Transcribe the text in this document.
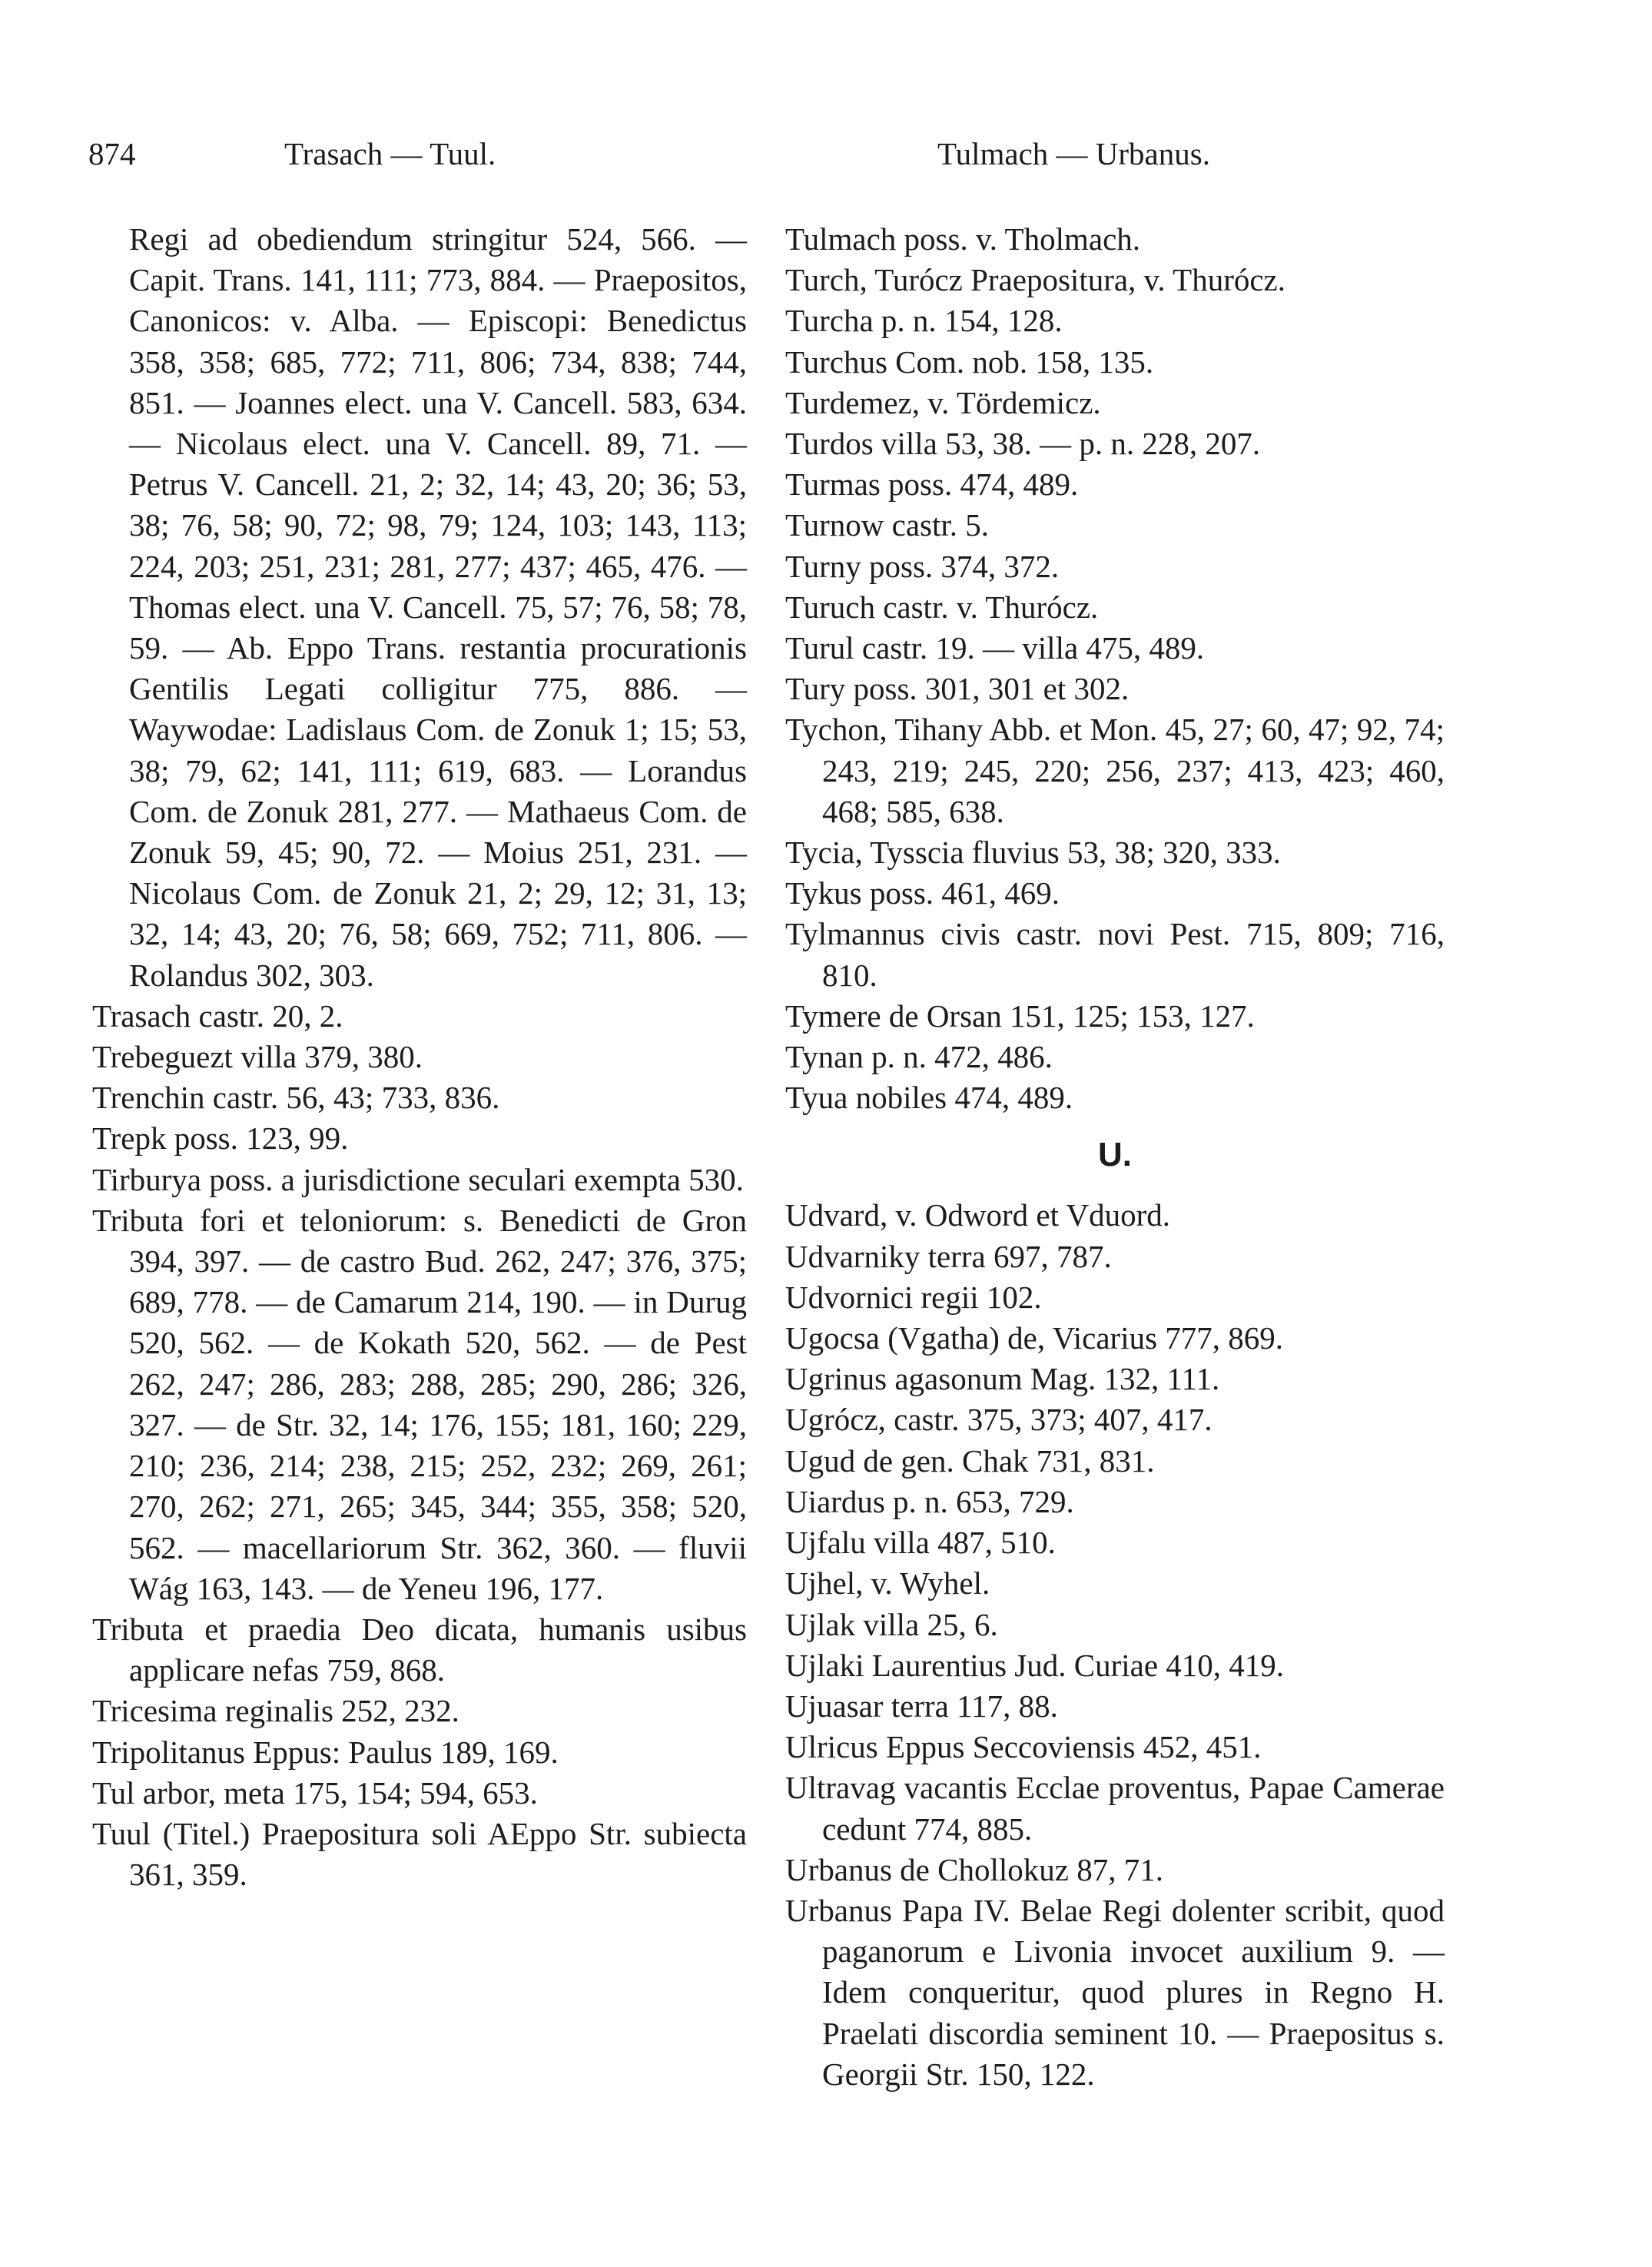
874	Trasach — Tuul.	Tulmach — Urbanus.
Regi ad obediendum stringitur 524, 566. — Capit. Trans. 141, 111; 773, 884. — Praepositos, Canonicos: v. Alba. — Episcopi: Benedictus 358, 358; 685, 772; 711, 806; 734, 838; 744, 851. — Joannes elect. una V. Cancell. 583, 634. — Nicolaus elect. una V. Cancell. 89, 71. — Petrus V. Cancell. 21, 2; 32, 14; 43, 20; 36; 53, 38; 76, 58; 90, 72; 98, 79; 124, 103; 143, 113; 224, 203; 251, 231; 281, 277; 437; 465, 476. — Thomas elect. una V. Cancell. 75, 57; 76, 58; 78, 59. — Ab. Eppo Trans. restantia procurationis Gentilis Legati colligitur 775, 886. — Waywodae: Ladislaus Com. de Zonuk 1; 15; 53, 38; 79, 62; 141, 111; 619, 683. — Lorandus Com. de Zonuk 281, 277. — Mathaeus Com. de Zonuk 59, 45; 90, 72. — Moius 251, 231. — Nicolaus Com. de Zonuk 21, 2; 29, 12; 31, 13; 32, 14; 43, 20; 76, 58; 669, 752; 711, 806. — Rolandus 302, 303.
Trasach castr. 20, 2.
Trebeguezt villa 379, 380.
Trenchin castr. 56, 43; 733, 836.
Trepk poss. 123, 99.
Tirburya poss. a jurisdictione seculari exempta 530.
Tributa fori et teloniorum: s. Benedicti de Gron 394, 397. — de castro Bud. 262, 247; 376, 375; 689, 778. — de Camarum 214, 190. — in Durug 520, 562. — de Kokath 520, 562. — de Pest 262, 247; 286, 283; 288, 285; 290, 286; 326, 327. — de Str. 32, 14; 176, 155; 181, 160; 229, 210; 236, 214; 238, 215; 252, 232; 269, 261; 270, 262; 271, 265; 345, 344; 355, 358; 520, 562. — macellariorum Str. 362, 360. — fluvii Wág 163, 143. — de Yeneu 196, 177.
Tributa et praedia Deo dicata, humanis usibus applicare nefas 759, 868.
Tricesima reginalis 252, 232.
Tripolitanus Eppus: Paulus 189, 169.
Tul arbor, meta 175, 154; 594, 653.
Tuul (Titel.) Praepositura soli AEppo Str. subiecta 361, 359.
Tulmach poss. v. Tholmach.
Turch, Turócz Praepositura, v. Thurócz.
Turcha p. n. 154, 128.
Turchus Com. nob. 158, 135.
Turdemez, v. Tördemicz.
Turdos villa 53, 38. — p. n. 228, 207.
Turmas poss. 474, 489.
Turnow castr. 5.
Turny poss. 374, 372.
Turuch castr. v. Thurócz.
Turul castr. 19. — villa 475, 489.
Tury poss. 301, 301 et 302.
Tychon, Tihany Abb. et Mon. 45, 27; 60, 47; 92, 74; 243, 219; 245, 220; 256, 237; 413, 423; 460, 468; 585, 638.
Tycia, Tysscia fluvius 53, 38; 320, 333.
Tykus poss. 461, 469.
Tylmannus civis castr. novi Pest. 715, 809; 716, 810.
Tymere de Orsan 151, 125; 153, 127.
Tynan p. n. 472, 486.
Tyua nobiles 474, 489.
U.
Udvard, v. Odword et Vduord.
Udvarniky terra 697, 787.
Udvornici regii 102.
Ugocsa (Vgatha) de, Vicarius 777, 869.
Ugrinus agasonum Mag. 132, 111.
Ugrócz, castr. 375, 373; 407, 417.
Ugud de gen. Chak 731, 831.
Uiardus p. n. 653, 729.
Ujfalu villa 487, 510.
Ujhel, v. Wyhel.
Ujlak villa 25, 6.
Ujlaki Laurentius Jud. Curiae 410, 419.
Ujuasar terra 117, 88.
Ulricus Eppus Seccoviensis 452, 451.
Ultravag vacantis Ecclae proventus, Papae Camerae cedunt 774, 885.
Urbanus de Chollokuz 87, 71.
Urbanus Papa IV. Belae Regi dolenter scribit, quod paganorum e Livonia invocet auxilium 9. — Idem conqueritur, quod plures in Regno H. Praelati discordia seminent 10. — Praepositus s. Georgii Str. 150, 122.
